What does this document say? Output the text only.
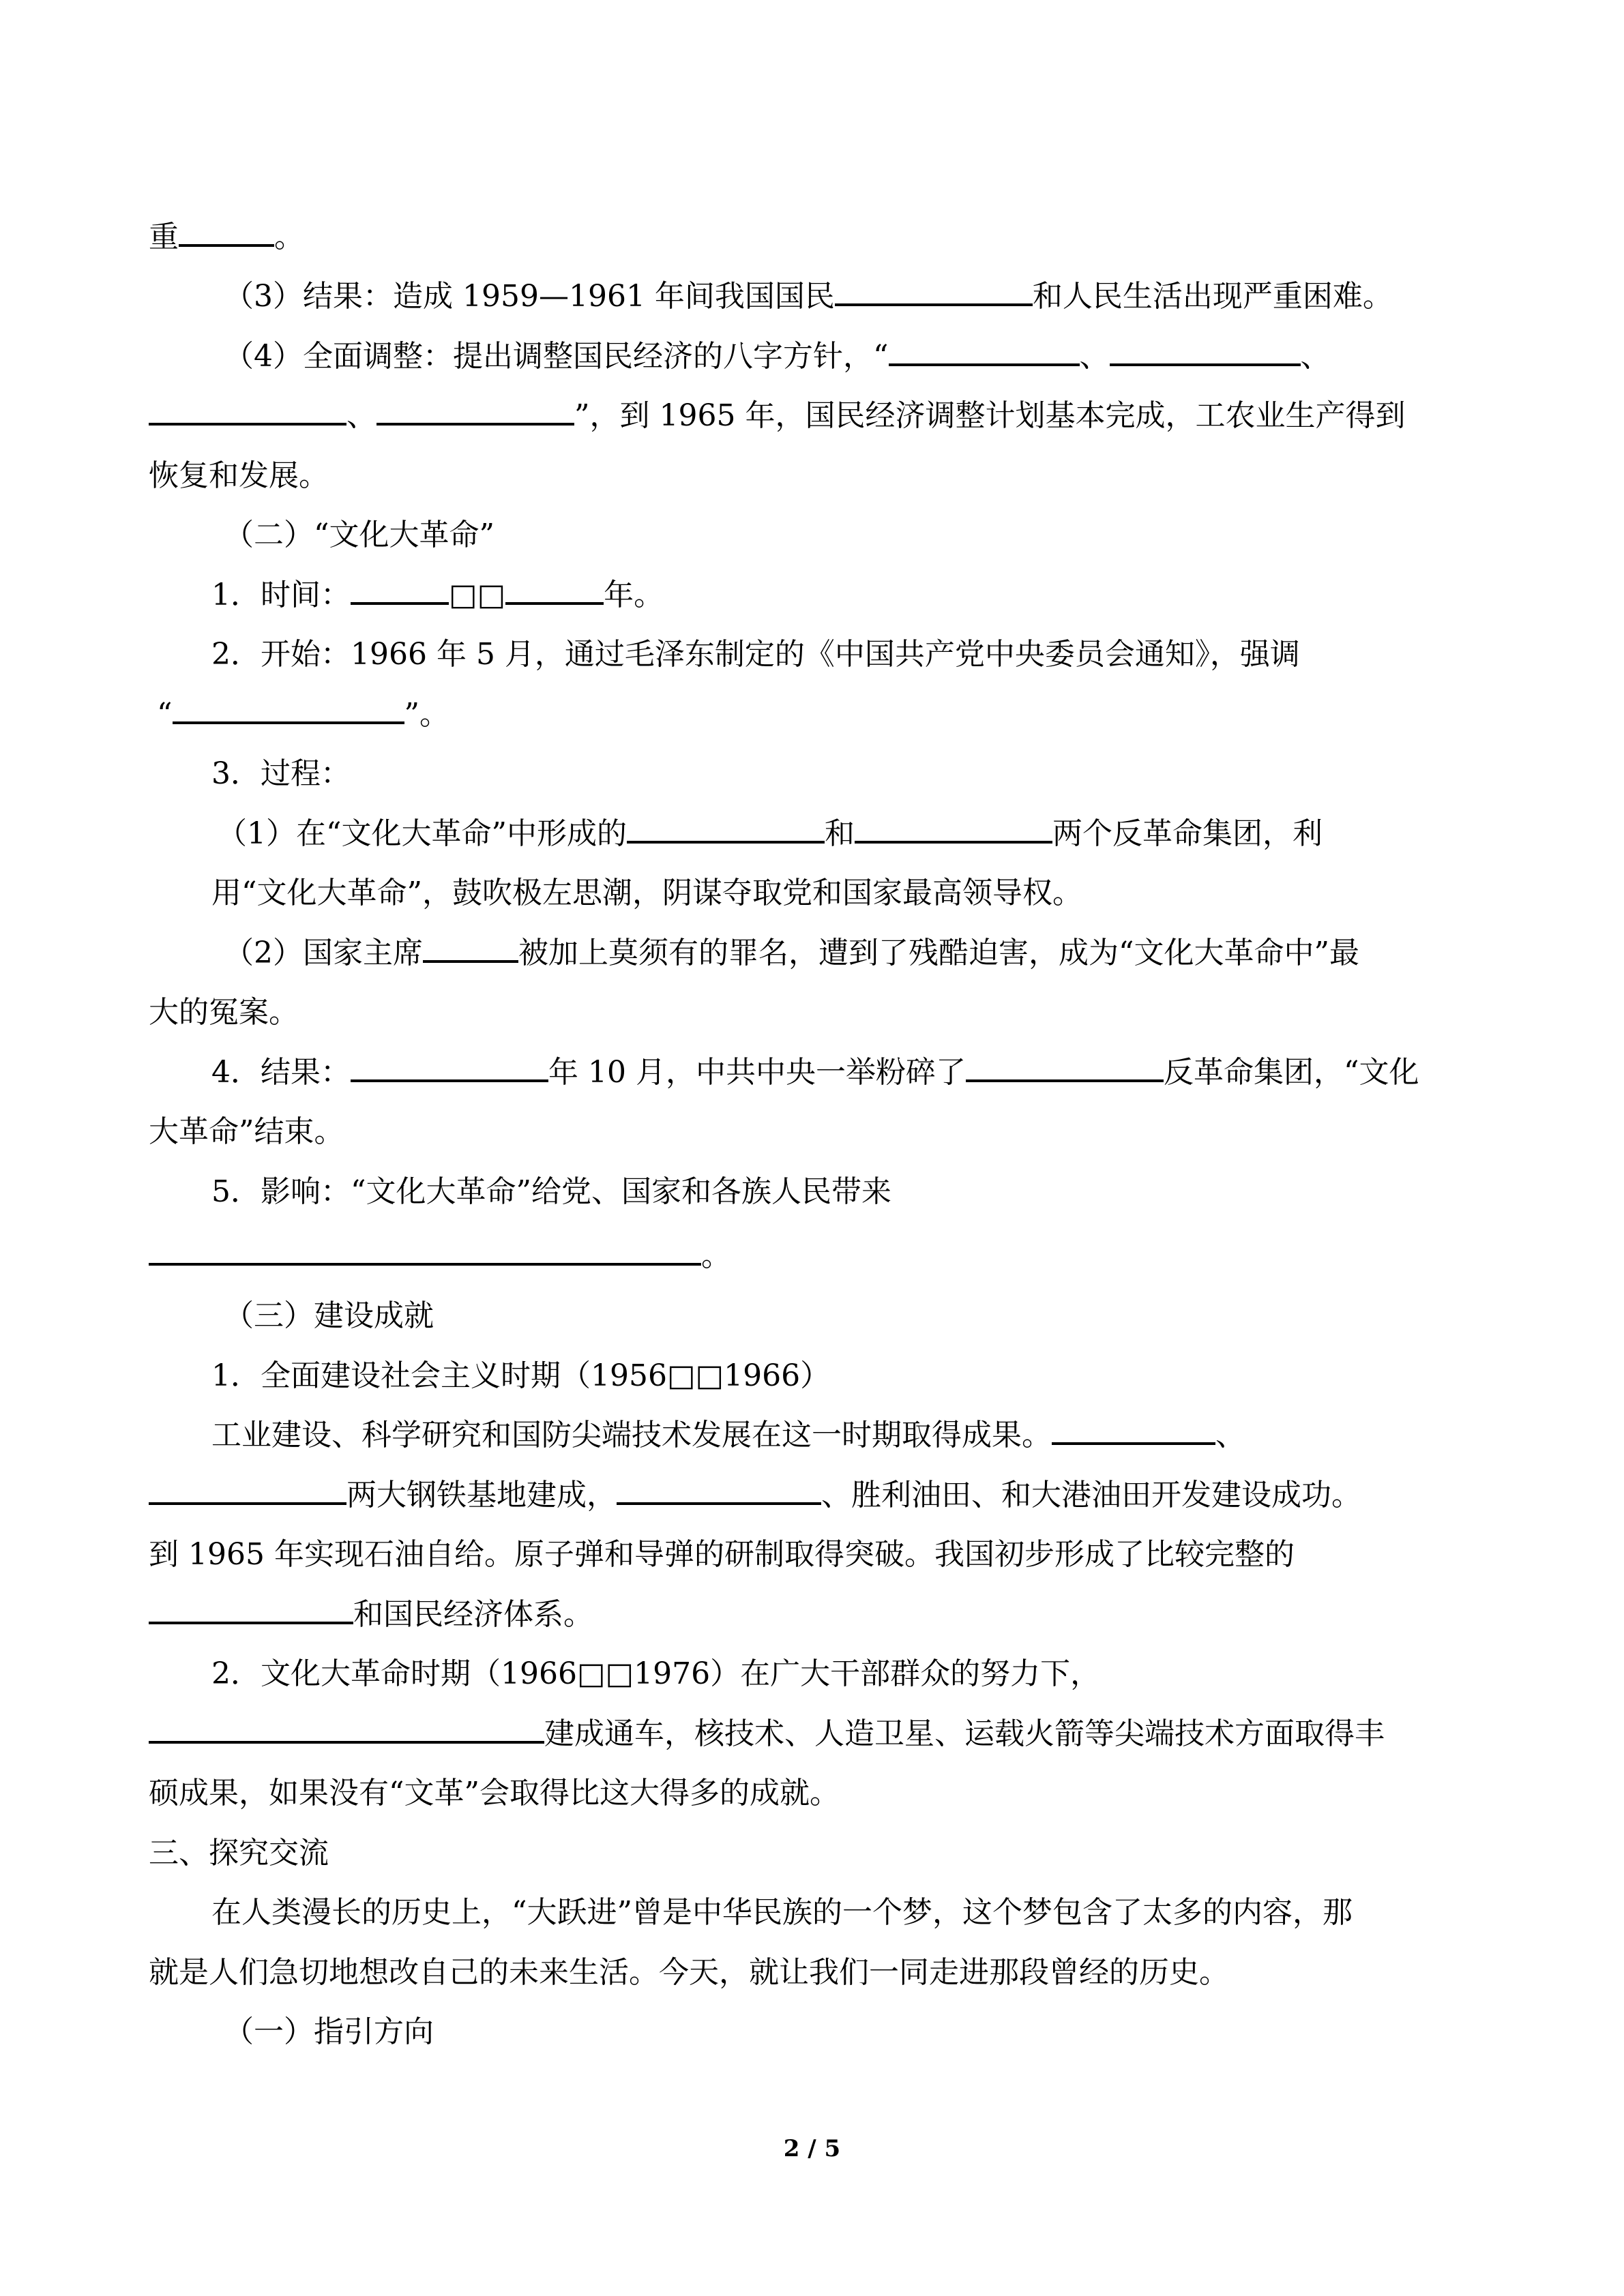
重	。
（3）结果：造成 1959—1961 年间我国国民	和人民生活出现严重困难。
（4）全面调整：提出调整国民经济的八字方针，“	、	、
、	”，到 1965 年，国民经济调整计划基本完成，工农业生产得到
恢复和发展。
（二）“文化大革命”
1．时间：	□□	年。
2．开始：1966 年 5 月，通过毛泽东制定的《中国共产党中央委员会通知》，强调
“	”。
3．过程：
（1）在“文化大革命”中形成的	和	两个反革命集团，利
用“文化大革命”，鼓吹极左思潮，阴谋夺取党和国家最高领导权。
（2）国家主席	被加上莫须有的罪名，遭到了残酷迫害，成为“文化大革命中”最
大的冤案。
4．结果：	年 10 月，中共中央一举粉碎了	反革命集团，“文化
大革命”结束。
5．影响：“文化大革命”给党、国家和各族人民带来
。
（三）建设成就
1．全面建设社会主义时期（1956□□1966）
工业建设、科学研究和国防尖端技术发展在这一时期取得成果。	、
两大钢铁基地建成，	、胜利油田、和大港油田开发建设成功。
到 1965 年实现石油自给。原子弹和导弹的研制取得突破。我国初步形成了比较完整的
和国民经济体系。
2．文化大革命时期（1966□□1976）在广大干部群众的努力下，
建成通车，核技术、人造卫星、运载火箭等尖端技术方面取得丰
硕成果，如果没有“文革”会取得比这大得多的成就。
三、探究交流
在人类漫长的历史上，“大跃进”曾是中华民族的一个梦，这个梦包含了太多的内容，那
就是人们急切地想改自己的未来生活。今天，就让我们一同走进那段曾经的历史。
（一）指引方向
2 / 5
